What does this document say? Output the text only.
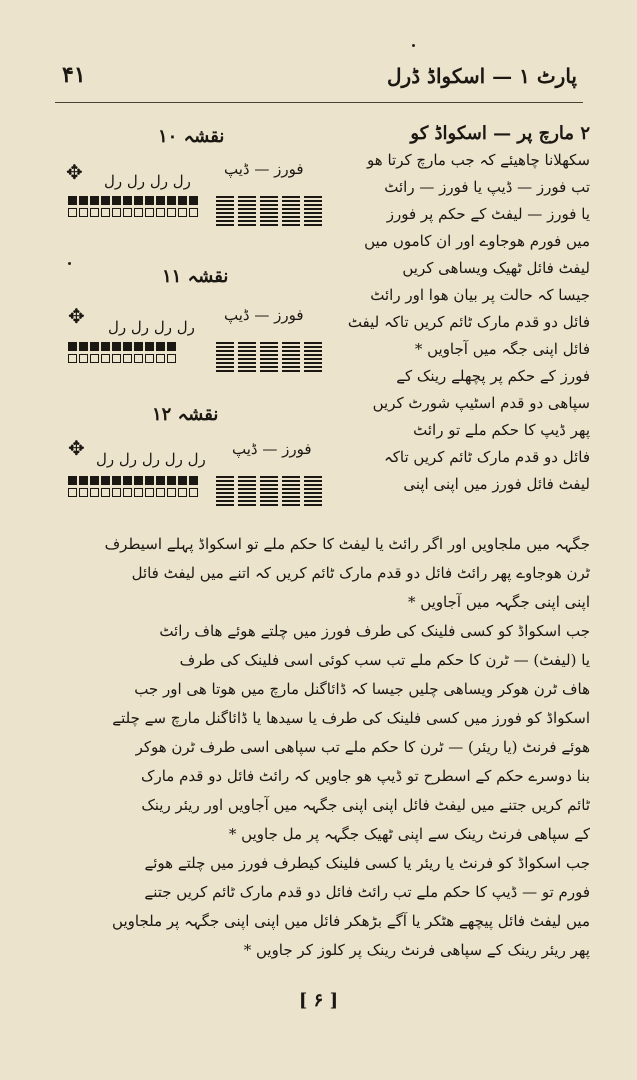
۴۱	پارٹ ۱ — اسکواڈ ڈرل
۲ مارچ پر — اسکواڈ کو
سکھلانا چاھیئے کہ جب مارچ کرتا ھو
تب فورز — ڈیپ یا فورز — رائٹ
یا فورز — لیفٹ کے حکم پر فورز
میں فورم ھوجاوے اور ان کاموں میں
لیفٹ فائل ٹھیک ویساھی کریں
جیسا کہ حالت پر بیان ھوا اور رائٹ
فائل دو قدم مارک ٹائم کریں تاکہ لیفٹ
فائل اپنی جگہ میں آجاویں *
فورز کے حکم پر پچھلے رینک کے
سپاھی دو قدم اسٹیپ شورٹ کریں
پھر ڈیپ کا حکم ملے تو رائٹ
فائل دو قدم مارک ٹائم کریں تاکہ
لیفٹ فائل فورز میں اپنی اپنی
نقشہ ۱۰
فورز — ڈیپ
رل رل رل رل
✥
نقشہ ۱۱
فورز — ڈیپ
رل رل رل رل
✥
نقشہ ۱۲
فورز — ڈیپ
رل رل رل رل رل
✥
جگہہ میں ملجاویں اور اگر رائٹ یا لیفٹ کا حکم ملے تو اسکواڈ پہلے اسیطرف
ٹرن ھوجاوے پھر رائٹ فائل دو قدم مارک ٹائم کریں کہ اتنے میں لیفٹ فائل
اپنی اپنی جگہہ میں آجاویں *
جب اسکواڈ کو کسی فلینک کی طرف فورز میں چلتے ھوئے ھاف رائٹ
یا (لیفٹ) — ٹرن کا حکم ملے تب سب کوئی اسی فلینک کی طرف
ھاف ٹرن ھوکر ویساھی چلیں جیسا کہ ڈائاگنل مارچ میں ھوتا ھی اور جب
اسکواڈ کو فورز میں کسی فلینک کی طرف یا سیدھا یا ڈائاگنل مارچ سے چلتے
ھوئے فرنٹ (یا ریئر) — ٹرن کا حکم ملے تب سپاھی اسی طرف ٹرن ھوکر
بنا دوسرے حکم کے اسطرح تو ڈیپ ھو جاویں کہ رائٹ فائل دو قدم مارک
ٹائم کریں جتنے میں لیفٹ فائل اپنی اپنی جگہہ میں آجاویں اور ریئر رینک
کے سپاھی فرنٹ رینک سے اپنی ٹھیک جگہہ پر مل جاویں *
جب اسکواڈ کو فرنٹ یا ریئر یا کسی فلینک کیطرف فورز میں چلتے ھوئے
فورم تو — ڈیپ کا حکم ملے تب رائٹ فائل دو قدم مارک ٹائم کریں جتنے
میں لیفٹ فائل پیچھے ھٹکر یا آگے بڑھکر فائل میں اپنی اپنی جگہہ پر ملجاویں
پھر ریئر رینک کے سپاھی فرنٹ رینک پر کلوز کر جاویں *
[ ۶ ]
